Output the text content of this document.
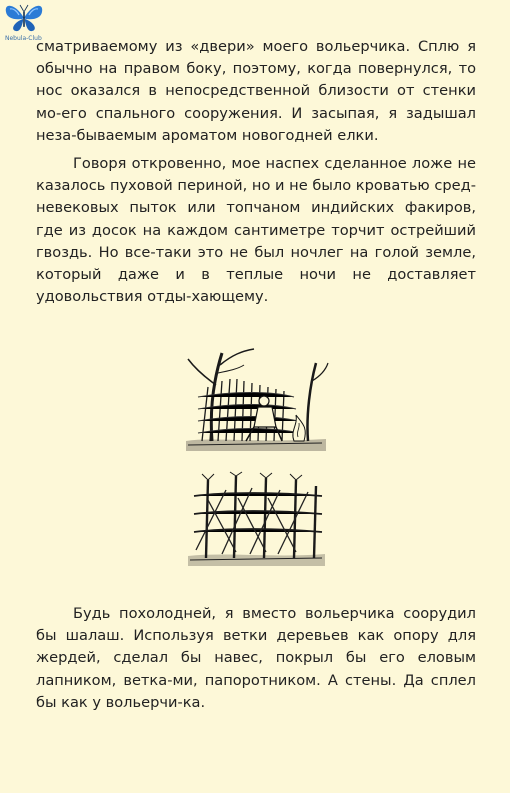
Nebula-Club

сматриваемому из «двери» моего вольерчика. Сплю я обычно на правом боку, поэтому, когда повернулся, то нос оказался в непосредственной близости от стенки мо-его спального сооружения. И засыпая, я задышал неза-бываемым ароматом новогодней елки.

Говоря откровенно, мое наспех сделанное ложе не казалось пуховой периной, но и не было кроватью сред-невековых пыток или топчаном индийских факиров, где из досок на каждом сантиметре торчит острейший гвоздь. Но все-таки это не был ночлег на голой земле, который даже и в теплые ночи не доставляет удовольствия отды-хающему.

Будь похолодней, я вместо вольерчика соорудил бы шалаш. Используя ветки деревьев как опору для жердей, сделал бы навес, покрыл бы его еловым лапником, ветка-ми, папоротником. А стены. Да сплел бы как у вольерчи-ка.
